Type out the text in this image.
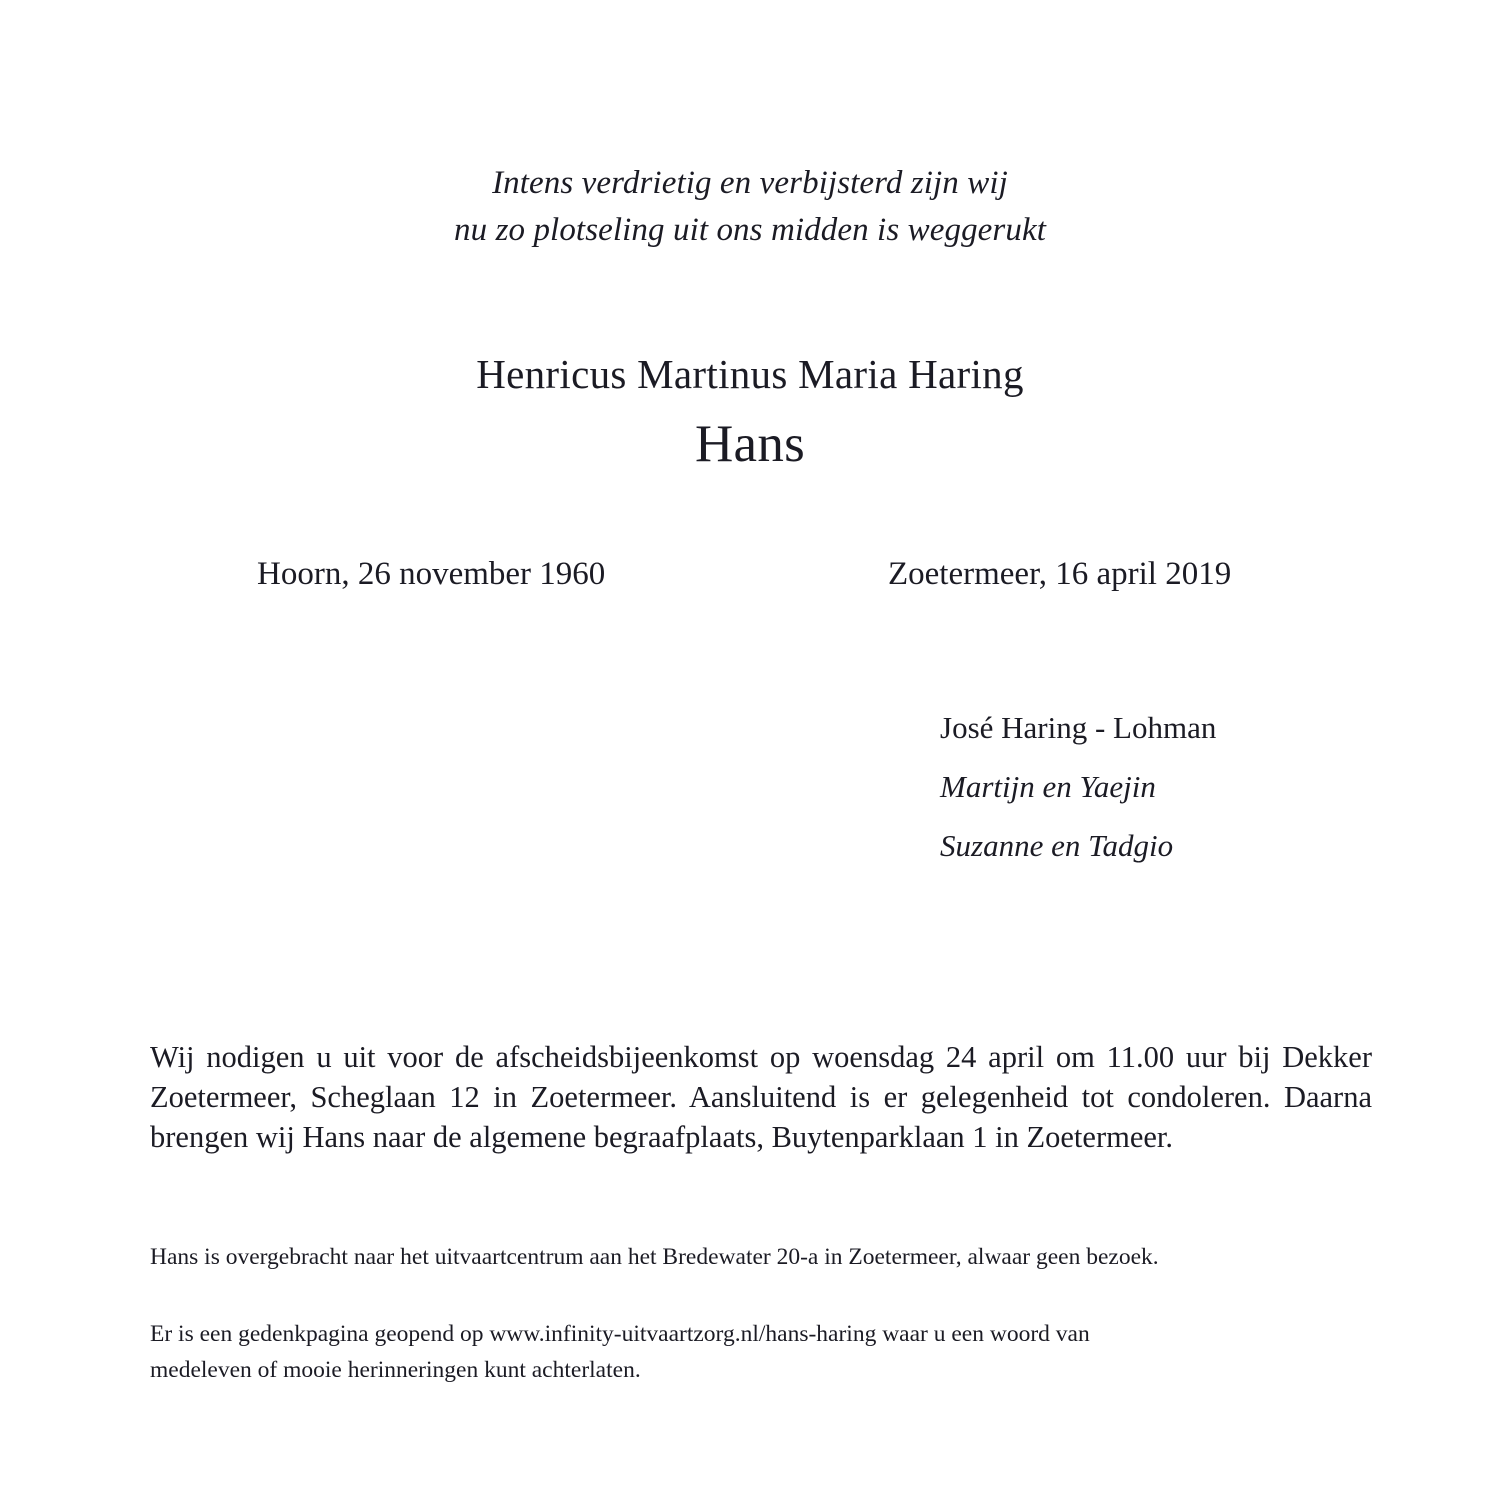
Intens verdrietig en verbijsterd zijn wij
nu zo plotseling uit ons midden is weggerukt
Henricus Martinus Maria Haring
Hans
Hoorn, 26 november 1960	Zoetermeer, 16 april 2019
José Haring - Lohman
Martijn en Yaejin
Suzanne en Tadgio

Wij nodigen u uit voor de afscheidsbijeenkomst op woensdag 24 april om 11.00 uur bij Dekker Zoetermeer, Scheglaan 12 in Zoetermeer. Aansluitend is er gelegenheid tot condoleren. Daarna brengen wij Hans naar de algemene begraafplaats, Buytenparklaan 1 in Zoetermeer.

Hans is overgebracht naar het uitvaartcentrum aan het Bredewater 20-a in Zoetermeer, alwaar geen bezoek.

Er is een gedenkpagina geopend op www.infinity-uitvaartzorg.nl/hans-haring waar u een woord van
medeleven of mooie herinneringen kunt achterlaten.
